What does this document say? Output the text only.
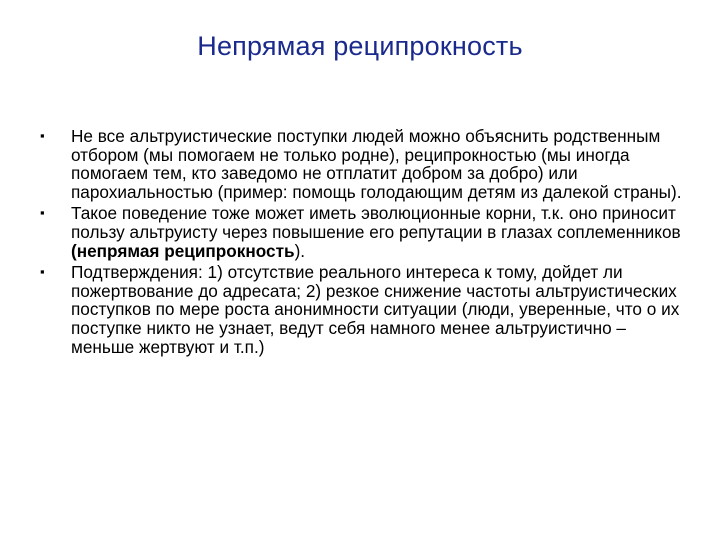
Непрямая реципрокность
▪ Не все альтруистические поступки людей можно объяснить родственным отбором (мы помогаем не только родне), реципрокностью (мы иногда помогаем тем, кто заведомо не отплатит добром за добро) или парохиальностью (пример: помощь голодающим детям из далекой страны).
▪ Такое поведение тоже может иметь эволюционные корни, т.к. оно приносит пользу альтруисту через повышение его репутации в глазах соплеменников (непрямая реципрокность).
▪ Подтверждения: 1) отсутствие реального интереса к тому, дойдет ли пожертвование до адресата; 2) резкое снижение частоты альтруистических поступков по мере роста анонимности ситуации (люди, уверенные, что о их поступке никто не узнает, ведут себя намного менее альтруистично – меньше жертвуют и т.п.)
